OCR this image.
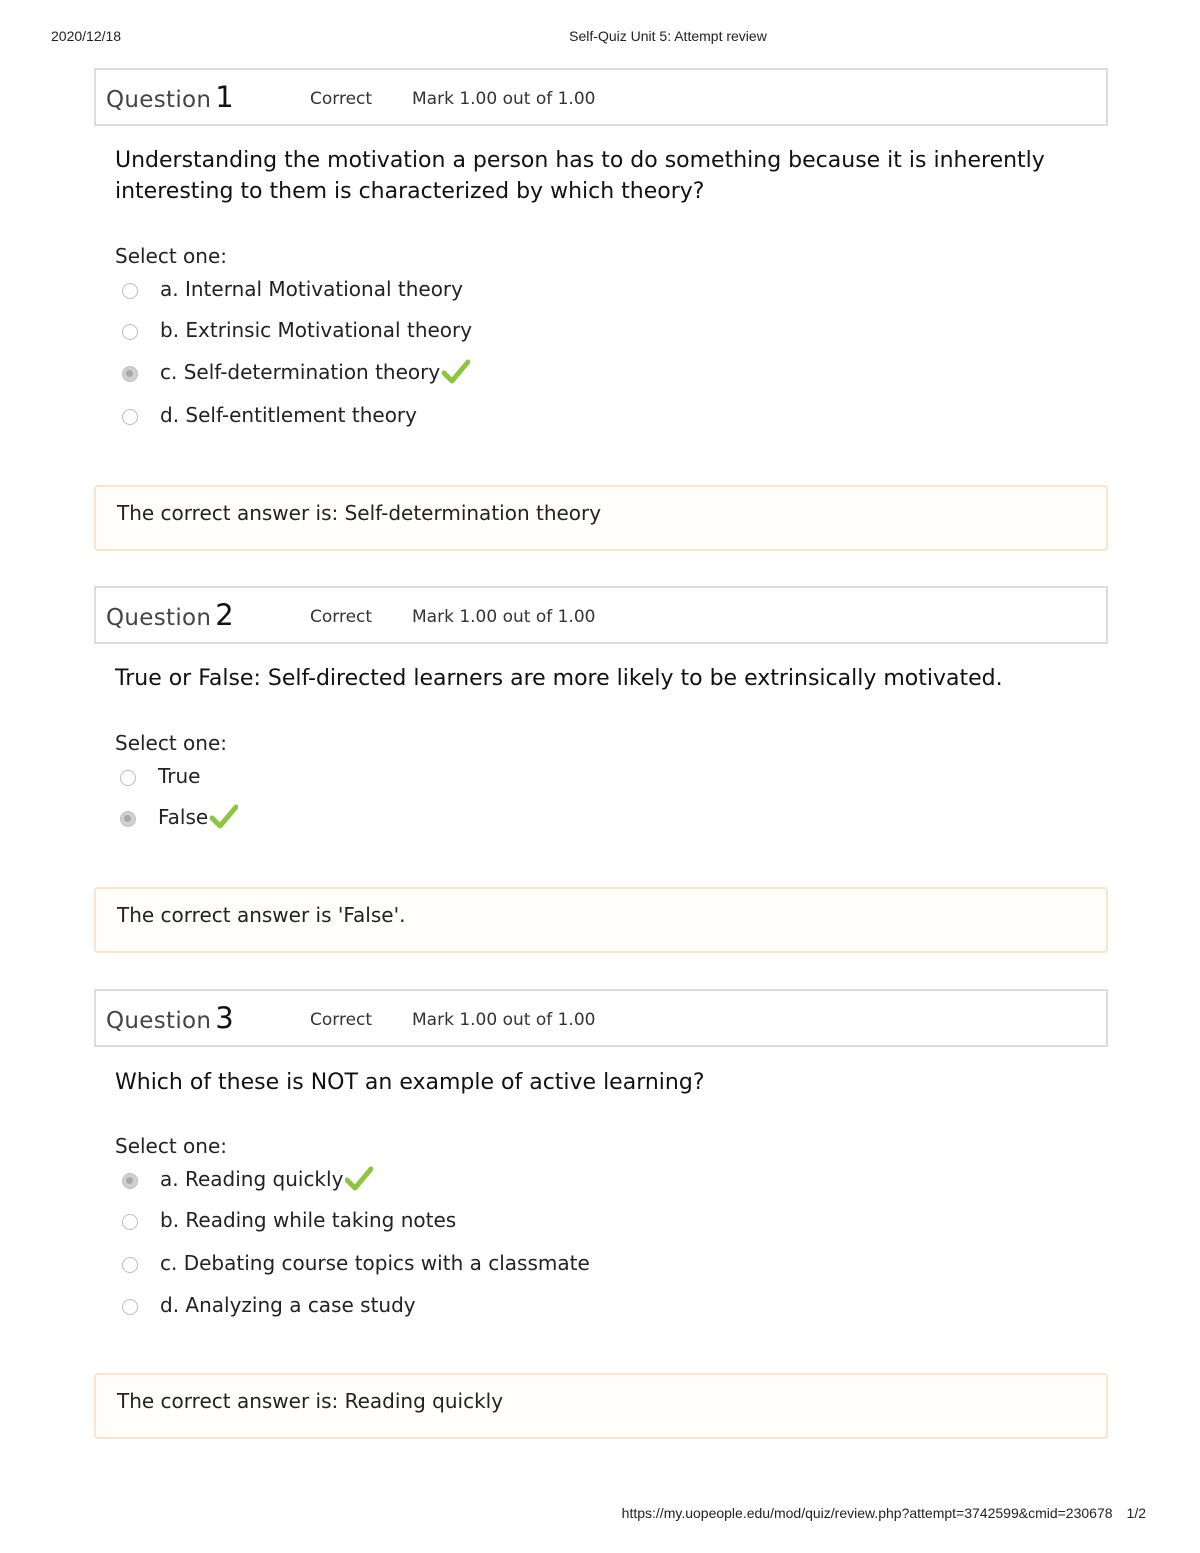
2020/12/18	Self-Quiz Unit 5: Attempt review
Question 1	Correct Mark 1.00 out of 1.00
Understanding the motivation a person has to do something because it is inherently
interesting to them is characterized by which theory?
Select one:
a. Internal Motivational theory
b. Extrinsic Motivational theory
c. Self-determination theory
d. Self-entitlement theory
The correct answer is: Self-determination theory
Question 2	Correct Mark 1.00 out of 1.00
True or False: Self-directed learners are more likely to be extrinsically motivated.
Select one:
True
False
The correct answer is 'False'.
Question 3	Correct Mark 1.00 out of 1.00
Which of these is NOT an example of active learning?
Select one:
a. Reading quickly
b. Reading while taking notes
c. Debating course topics with a classmate
d. Analyzing a case study
The correct answer is: Reading quickly
https://my.uopeople.edu/mod/quiz/review.php?attempt=3742599&cmid=230678 1/2
